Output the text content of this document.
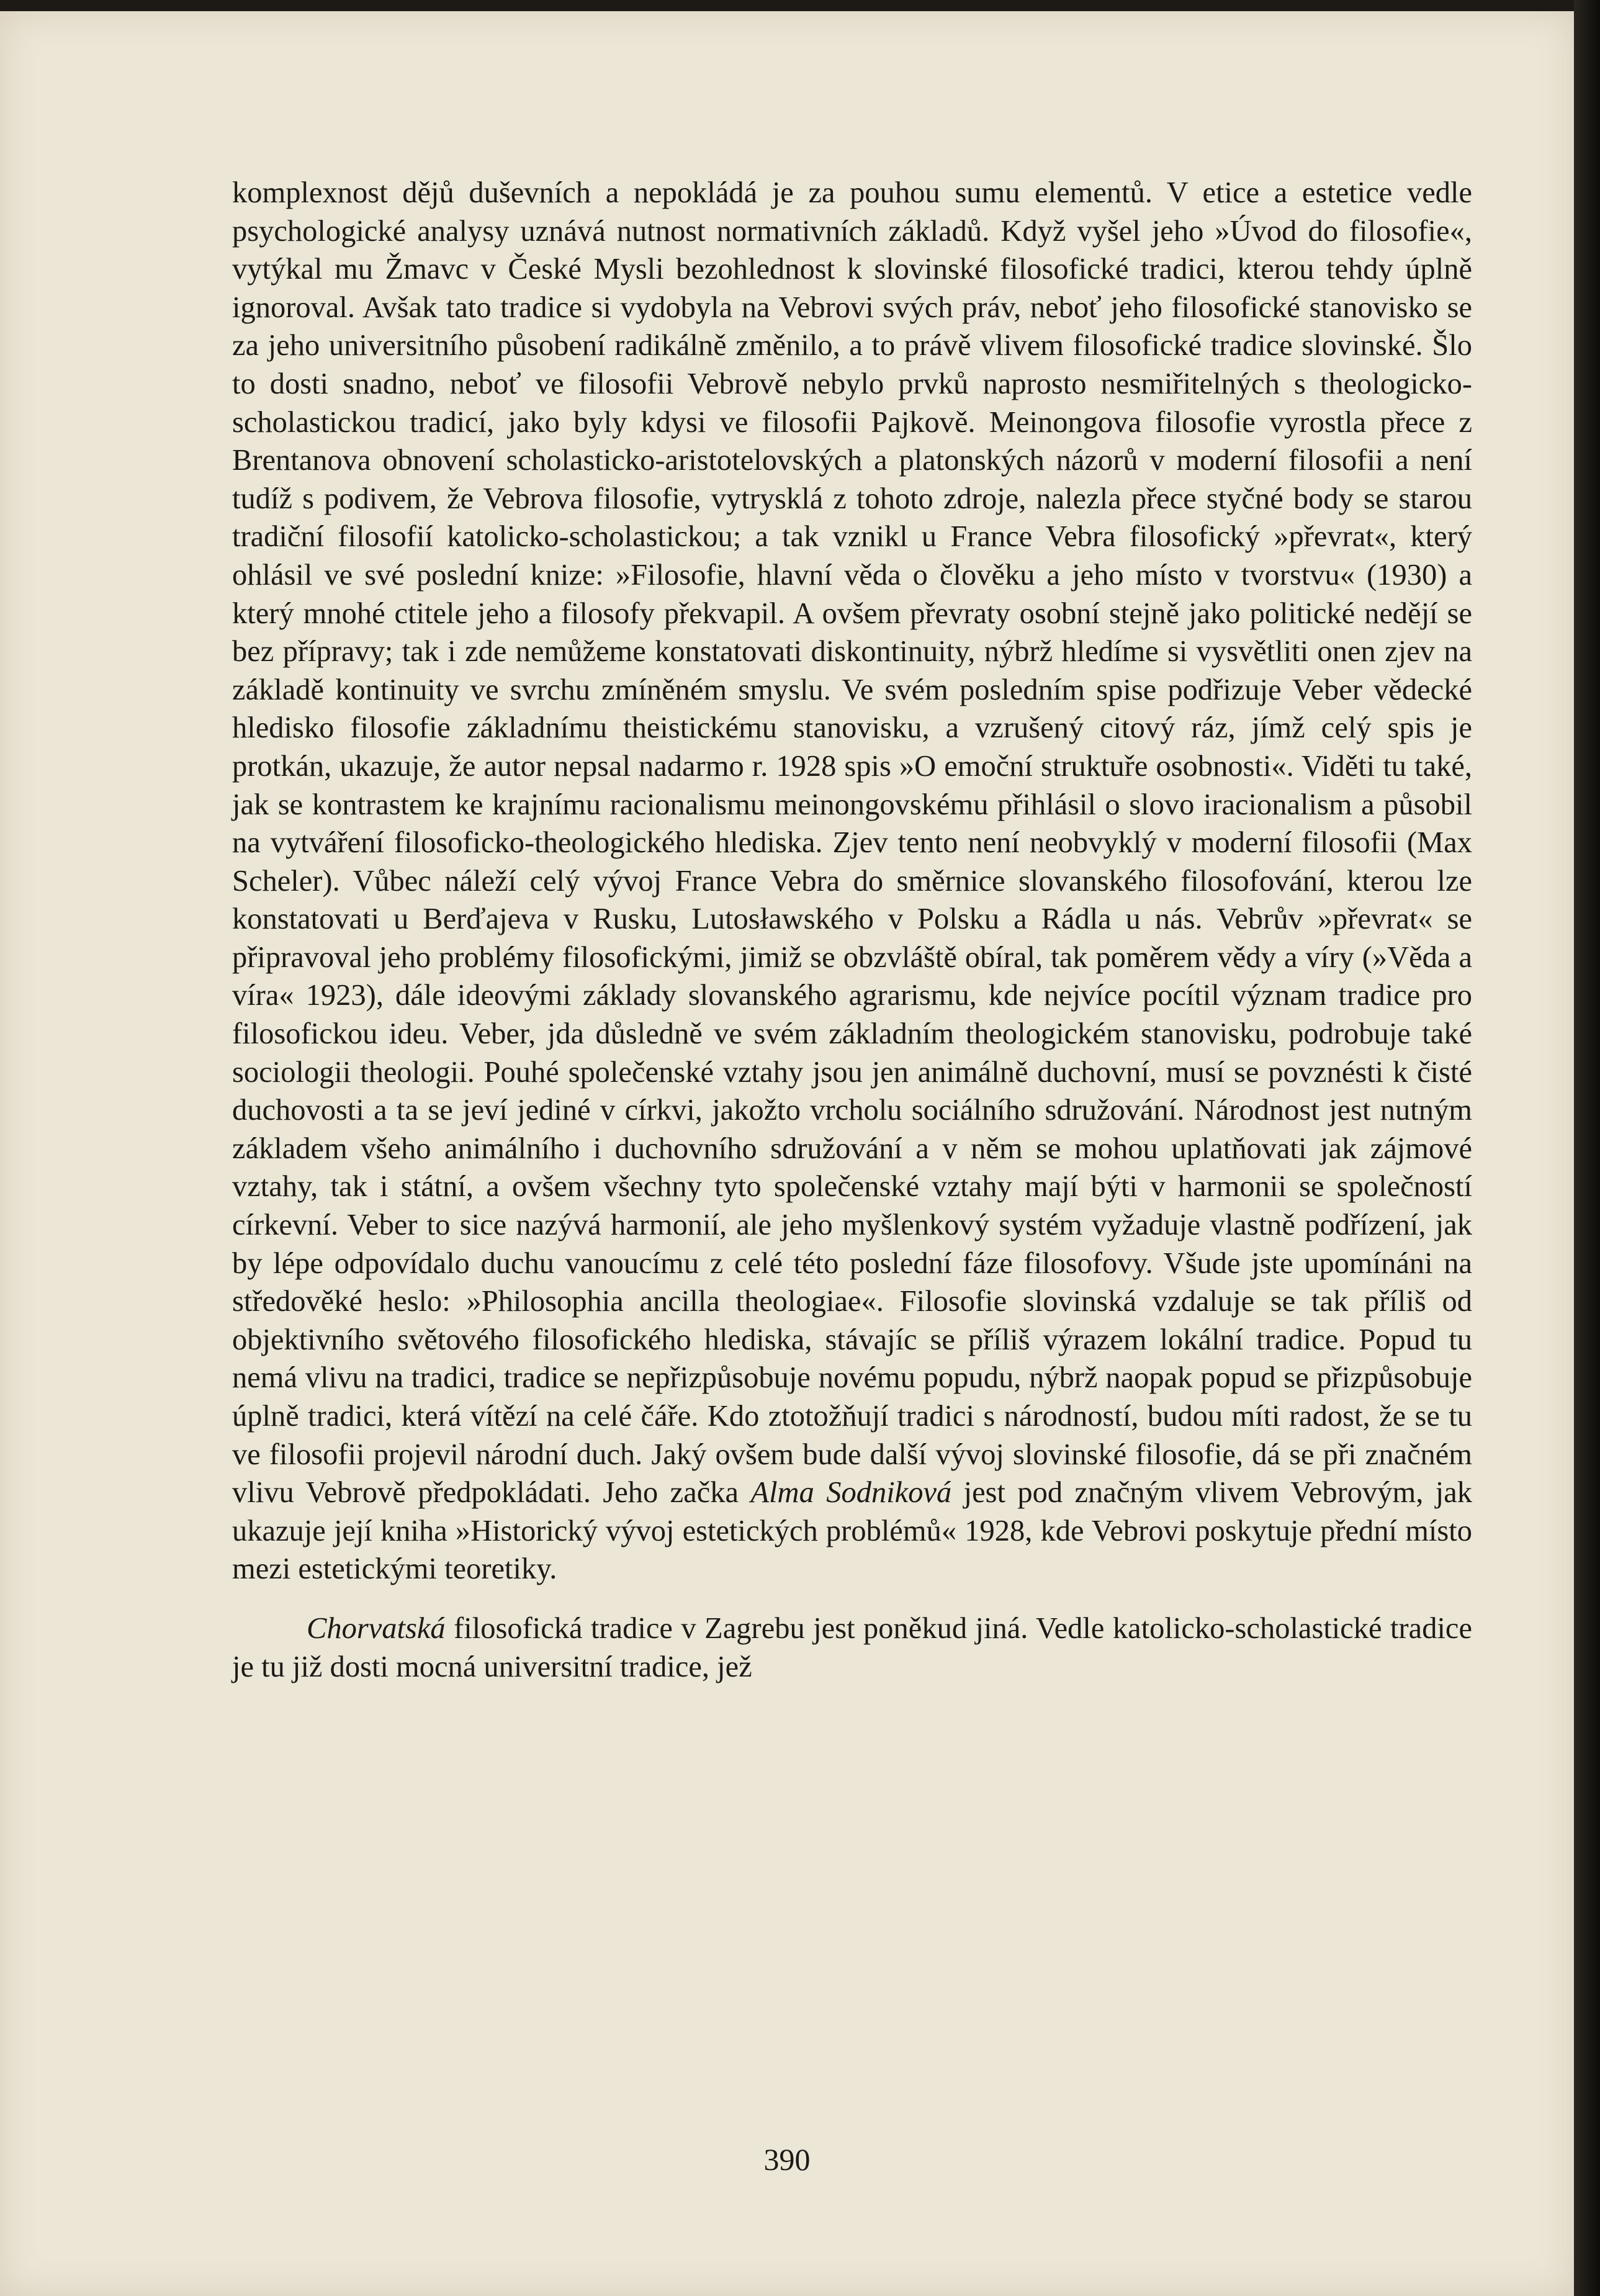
komplexnost dějů duševních a nepokládá je za pouhou sumu elementů. V etice a estetice vedle psychologické analysy uznává nutnost normativních základů. Když vyšel jeho »Úvod do filosofie«, vytýkal mu Žmavc v České Mysli bezohlednost k slovinské filosofické tradici, kterou tehdy úplně ignoroval. Avšak tato tradice si vydobyla na Vebrovi svých práv, neboť jeho filosofické stanovisko se za jeho universitního působení radikálně změnilo, a to právě vlivem filosofické tradice slovinské. Šlo to dosti snadno, neboť ve filosofii Vebrově nebylo prvků naprosto nesmiřitelných s theologicko-scholastickou tradicí, jako byly kdysi ve filosofii Pajkově. Meinongova filosofie vyrostla přece z Brentanova obnovení scholasticko-aristotelovských a platonských názorů v moderní filosofii a není tudíž s podivem, že Vebrova filosofie, vytrysklá z tohoto zdroje, nalezla přece styčné body se starou tradiční filosofií katolicko-scholastickou; a tak vznikl u France Vebra filosofický »převrat«, který ohlásil ve své poslední knize: »Filosofie, hlavní věda o člověku a jeho místo v tvorstvu« (1930) a který mnohé ctitele jeho a filosofy překvapil. A ovšem převraty osobní stejně jako politické nedějí se bez přípravy; tak i zde nemůžeme konstatovati diskontinuity, nýbrž hledíme si vysvětliti onen zjev na základě kontinuity ve svrchu zmíněném smyslu. Ve svém posledním spise podřizuje Veber vědecké hledisko filosofie základnímu theistickému stanovisku, a vzrušený citový ráz, jímž celý spis je protkán, ukazuje, že autor nepsal nadarmo r. 1928 spis »O emoční struktuře osobnosti«. Viděti tu také, jak se kontrastem ke krajnímu racionalismu meinongovskému přihlásil o slovo iracionalism a působil na vytváření filosoficko-theologického hlediska. Zjev tento není neobvyklý v moderní filosofii (Max Scheler). Vůbec náleží celý vývoj France Vebra do směrnice slovanského filosofování, kterou lze konstatovati u Berďajeva v Rusku, Lutosławského v Polsku a Rádla u nás. Vebrův »převrat« se připravoval jeho problémy filosofickými, jimiž se obzvláště obíral, tak poměrem vědy a víry (»Věda a víra« 1923), dále ideovými základy slovanského agrarismu, kde nejvíce pocítil význam tradice pro filosofickou ideu. Veber, jda důsledně ve svém základním theologickém stanovisku, podrobuje také sociologii theologii. Pouhé společenské vztahy jsou jen animálně duchovní, musí se povznésti k čisté duchovosti a ta se jeví jediné v církvi, jakožto vrcholu sociálního sdružování. Národnost jest nutným základem všeho animálního i duchovního sdružování a v něm se mohou uplatňovati jak zájmové vztahy, tak i státní, a ovšem všechny tyto společenské vztahy mají býti v harmonii se společností církevní. Veber to sice nazývá harmonií, ale jeho myšlenkový systém vyžaduje vlastně podřízení, jak by lépe odpovídalo duchu vanoucímu z celé této poslední fáze filosofovy. Všude jste upomínáni na středověké heslo: »Philosophia ancilla theologiae«. Filosofie slovinská vzdaluje se tak příliš od objektivního světového filosofického hlediska, stávajíc se příliš výrazem lokální tradice. Popud tu nemá vlivu na tradici, tradice se nepřizpůsobuje novému popudu, nýbrž naopak popud se přizpůsobuje úplně tradici, která vítězí na celé čáře. Kdo ztotožňují tradici s národností, budou míti radost, že se tu ve filosofii projevil národní duch. Jaký ovšem bude další vývoj slovinské filosofie, dá se při značném vlivu Vebrově předpokládati. Jeho začka Alma Sodniková jest pod značným vlivem Vebrovým, jak ukazuje její kniha »Historický vývoj estetických problémů« 1928, kde Vebrovi poskytuje přední místo mezi estetickými teoretiky.

Chorvatská filosofická tradice v Zagrebu jest poněkud jiná. Vedle katolicko-scholastické tradice je tu již dosti mocná universitní tradice, jež

390
